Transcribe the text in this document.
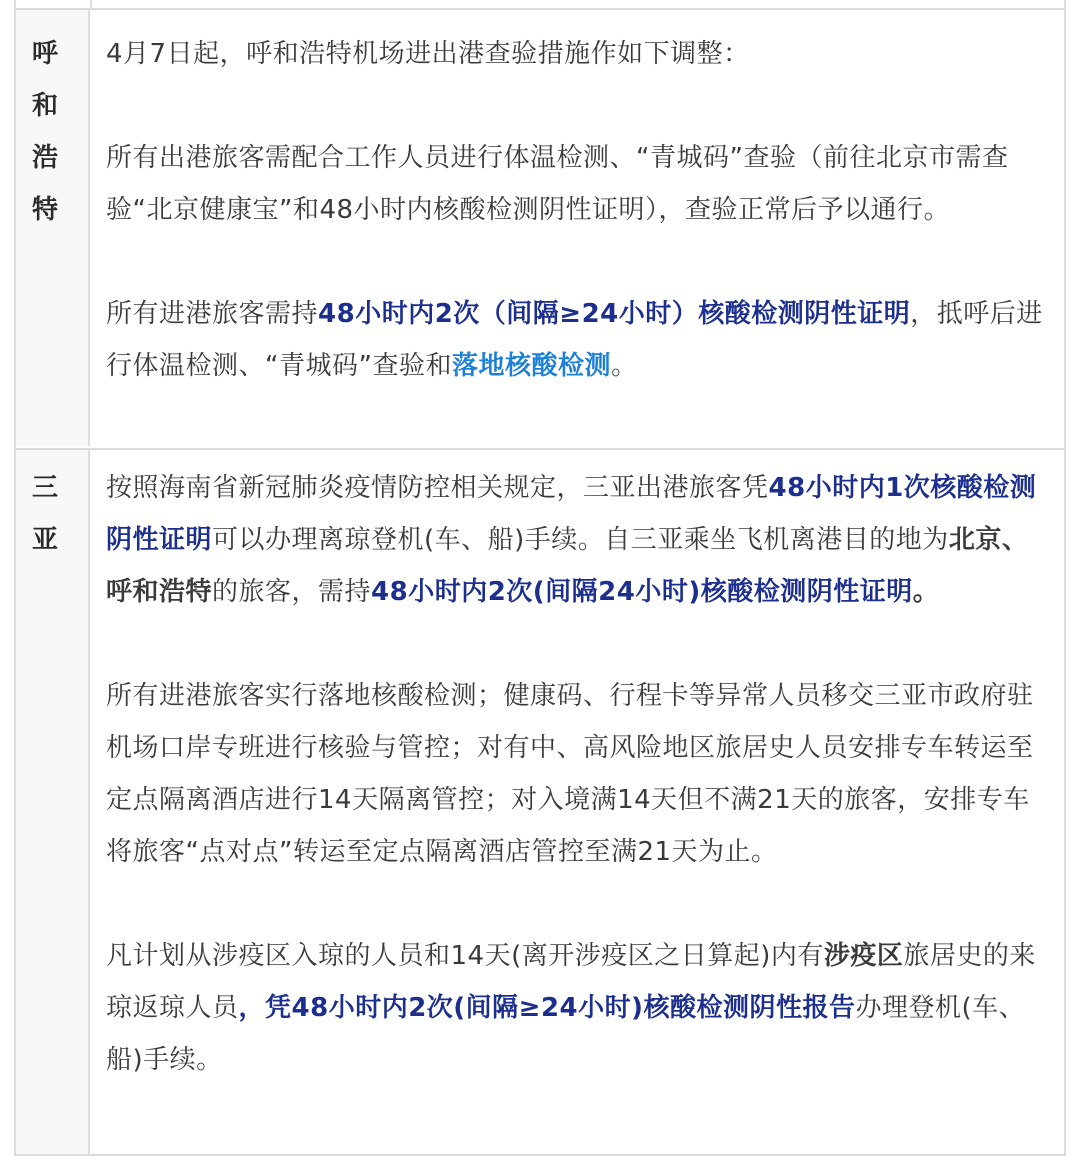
呼和浩特

4月7日起，呼和浩特机场进出港查验措施作如下调整：

所有出港旅客需配合工作人员进行体温检测、“青城码”查验（前往北京市需查验“北京健康宝”和48小时内核酸检测阴性证明），查验正常后予以通行。

所有进港旅客需持48小时内2次（间隔≥24小时）核酸检测阴性证明，抵呼后进行体温检测、“青城码”查验和落地核酸检测。

三亚

按照海南省新冠肺炎疫情防控相关规定，三亚出港旅客凭48小时内1次核酸检测阴性证明可以办理离琼登机(车、船)手续。自三亚乘坐飞机离港目的地为北京、呼和浩特的旅客，需持48小时内2次(间隔24小时)核酸检测阴性证明。

所有进港旅客实行落地核酸检测；健康码、行程卡等异常人员移交三亚市政府驻机场口岸专班进行核验与管控；对有中、高风险地区旅居史人员安排专车转运至定点隔离酒店进行14天隔离管控；对入境满14天但不满21天的旅客，安排专车将旅客“点对点”转运至定点隔离酒店管控至满21天为止。

凡计划从涉疫区入琼的人员和14天(离开涉疫区之日算起)内有涉疫区旅居史的来琼返琼人员，凭48小时内2次(间隔≥24小时)核酸检测阴性报告办理登机(车、船)手续。
